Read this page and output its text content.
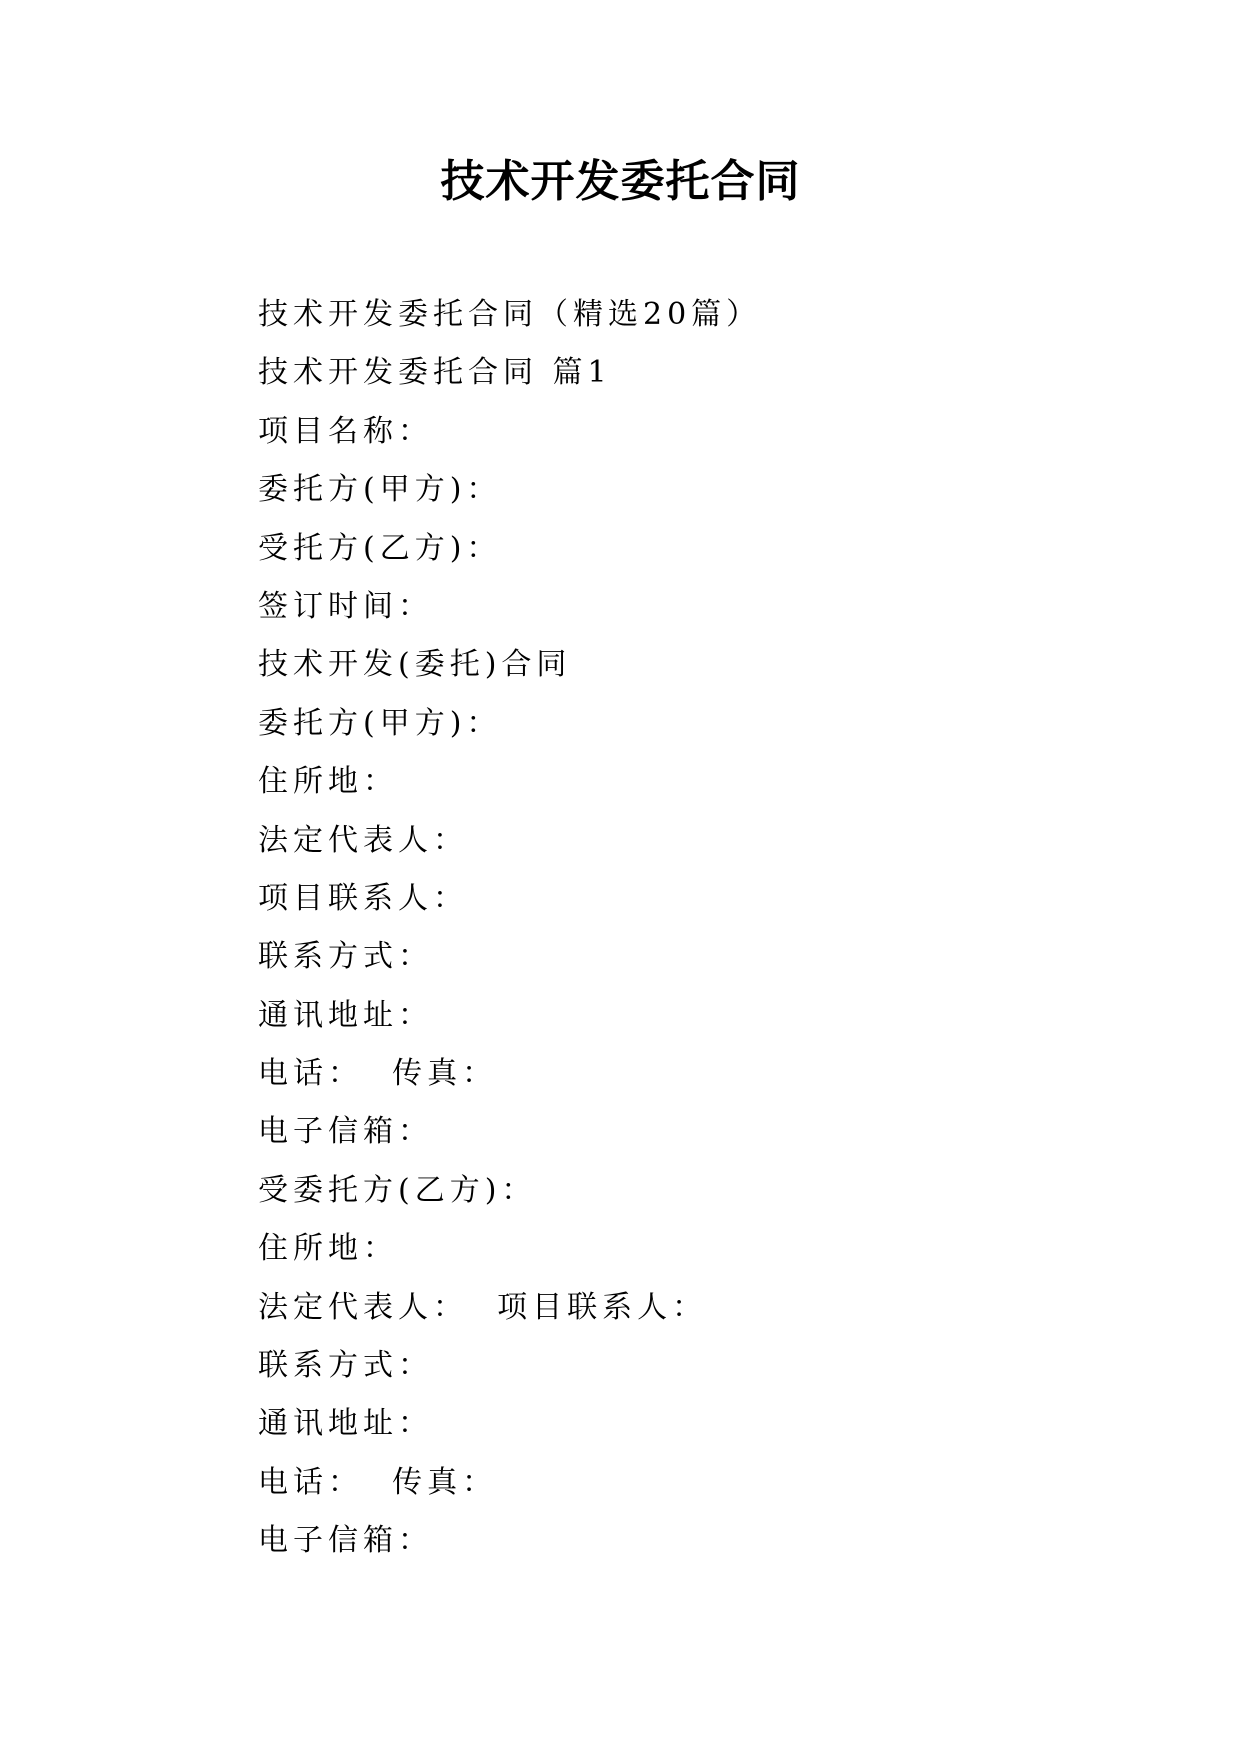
技术开发委托合同
技术开发委托合同（精选20篇）
技术开发委托合同 篇1
项目名称：
委托方(甲方)：
受托方(乙方)：
签订时间：
技术开发(委托)合同
委托方(甲方)：
住所地：
法定代表人：
项目联系人：
联系方式：
通讯地址：
电话：  传真：
电子信箱：
受委托方(乙方)：
住所地：
法定代表人：  项目联系人：
联系方式：
通讯地址：
电话：  传真：
电子信箱：
